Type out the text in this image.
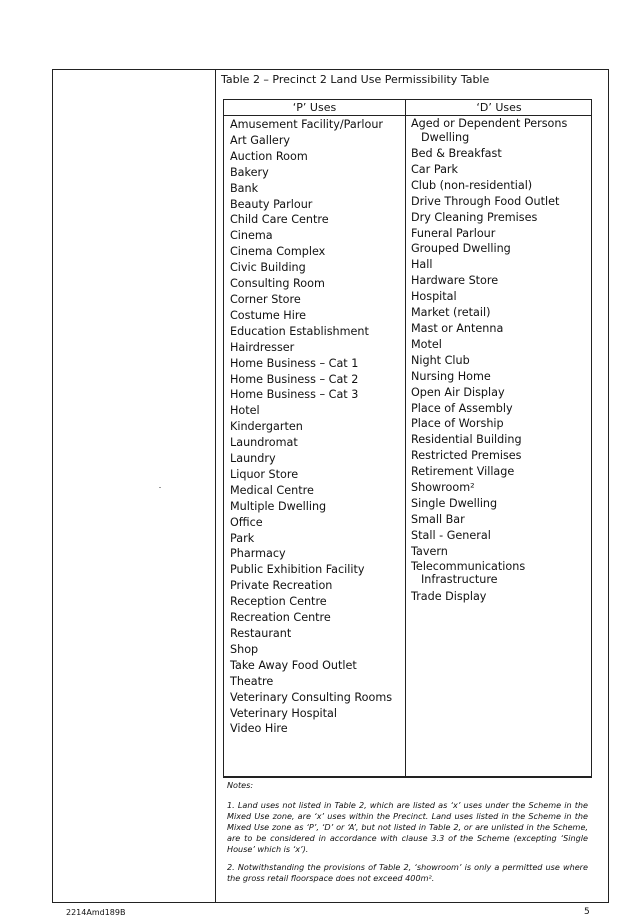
Table 2 – Precinct 2 Land Use Permissibility Table
‘P’ Uses	‘D’ Uses
Amusement Facility/Parlour
Art Gallery
Auction Room
Bakery
Bank
Beauty Parlour
Child Care Centre
Cinema
Cinema Complex
Civic Building
Consulting Room
Corner Store
Costume Hire
Education Establishment
Hairdresser
Home Business – Cat 1
Home Business – Cat 2
Home Business – Cat 3
Hotel
Kindergarten
Laundromat
Laundry
Liquor Store
Medical Centre
Multiple Dwelling
Office
Park
Pharmacy
Public Exhibition Facility
Private Recreation
Reception Centre
Recreation Centre
Restaurant
Shop
Take Away Food Outlet
Theatre
Veterinary Consulting Rooms
Veterinary Hospital
Video Hire
Aged or Dependent Persons
Dwelling
Bed & Breakfast
Car Park
Club (non-residential)
Drive Through Food Outlet
Dry Cleaning Premises
Funeral Parlour
Grouped Dwelling
Hall
Hardware Store
Hospital
Market (retail)
Mast or Antenna
Motel
Night Club
Nursing Home
Open Air Display
Place of Assembly
Place of Worship
Residential Building
Restricted Premises
Retirement Village
Showroom²
Single Dwelling
Small Bar
Stall - General
Tavern
Telecommunications
Infrastructure
Trade Display
Notes:
1. Land uses not listed in Table 2, which are listed as ‘x’ uses under the Scheme in the Mixed Use zone, are ‘x’ uses within the Precinct. Land uses listed in the Scheme in the Mixed Use zone as ‘P’, ‘D’ or ‘A’, but not listed in Table 2, or are unlisted in the Scheme, are to be considered in accordance with clause 3.3 of the Scheme (excepting ‘Single House’ which is ‘x’).
2. Notwithstanding the provisions of Table 2, ‘showroom’ is only a permitted use where the gross retail floorspace does not exceed 400m².
2214Amd189B	5
